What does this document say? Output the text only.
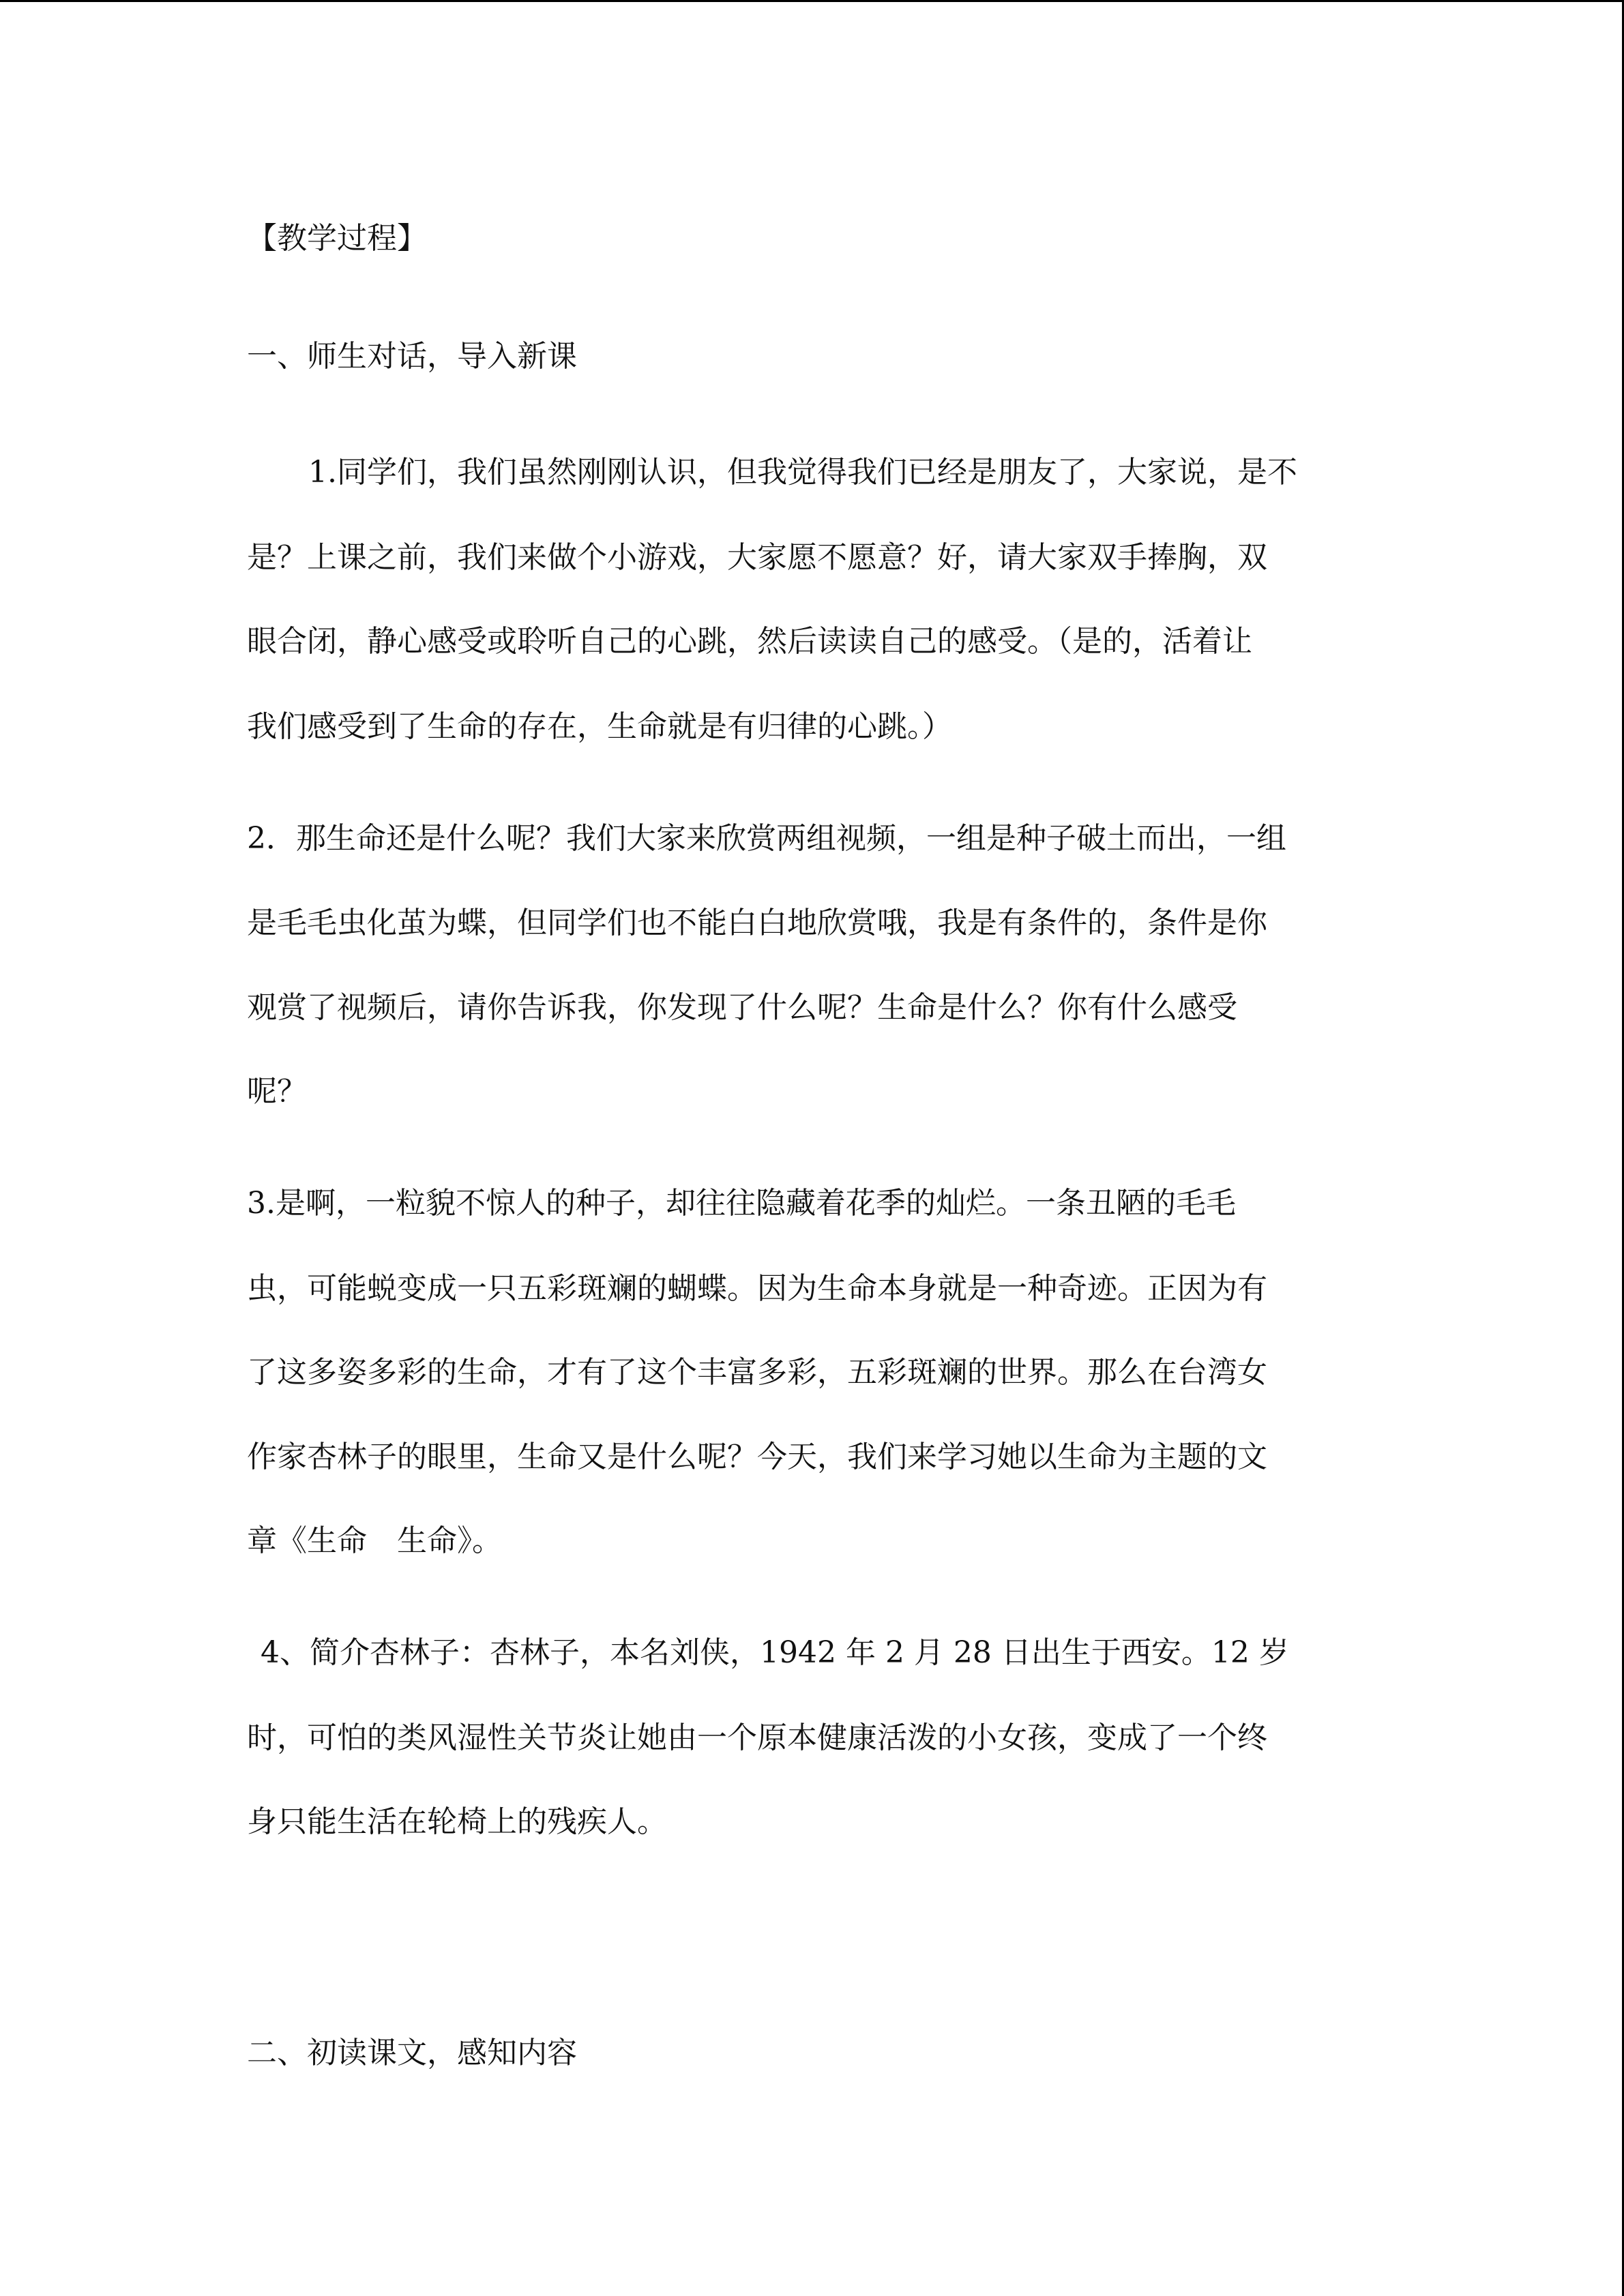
【教学过程】
一、师生对话，导入新课
1.同学们，我们虽然刚刚认识，但我觉得我们已经是朋友了，大家说，是不
是？上课之前，我们来做个小游戏，大家愿不愿意？好，请大家双手捧胸，双
眼合闭，静心感受或聆听自己的心跳，然后读读自己的感受。（是的，活着让
我们感受到了生命的存在，生命就是有归律的心跳。）
2．那生命还是什么呢？我们大家来欣赏两组视频，一组是种子破土而出，一组
是毛毛虫化茧为蝶，但同学们也不能白白地欣赏哦，我是有条件的，条件是你
观赏了视频后，请你告诉我，你发现了什么呢？生命是什么？你有什么感受
呢？
3.是啊，一粒貌不惊人的种子，却往往隐藏着花季的灿烂。一条丑陋的毛毛
虫，可能蜕变成一只五彩斑斓的蝴蝶。因为生命本身就是一种奇迹。正因为有
了这多姿多彩的生命，才有了这个丰富多彩，五彩斑斓的世界。那么在台湾女
作家杏林子的眼里，生命又是什么呢？今天，我们来学习她以生命为主题的文
章《生命　生命》。
4、简介杏林子：杏林子，本名刘侠，1942 年 2 月 28 日出生于西安。12 岁
时，可怕的类风湿性关节炎让她由一个原本健康活泼的小女孩，变成了一个终
身只能生活在轮椅上的残疾人。
二、初读课文，感知内容
